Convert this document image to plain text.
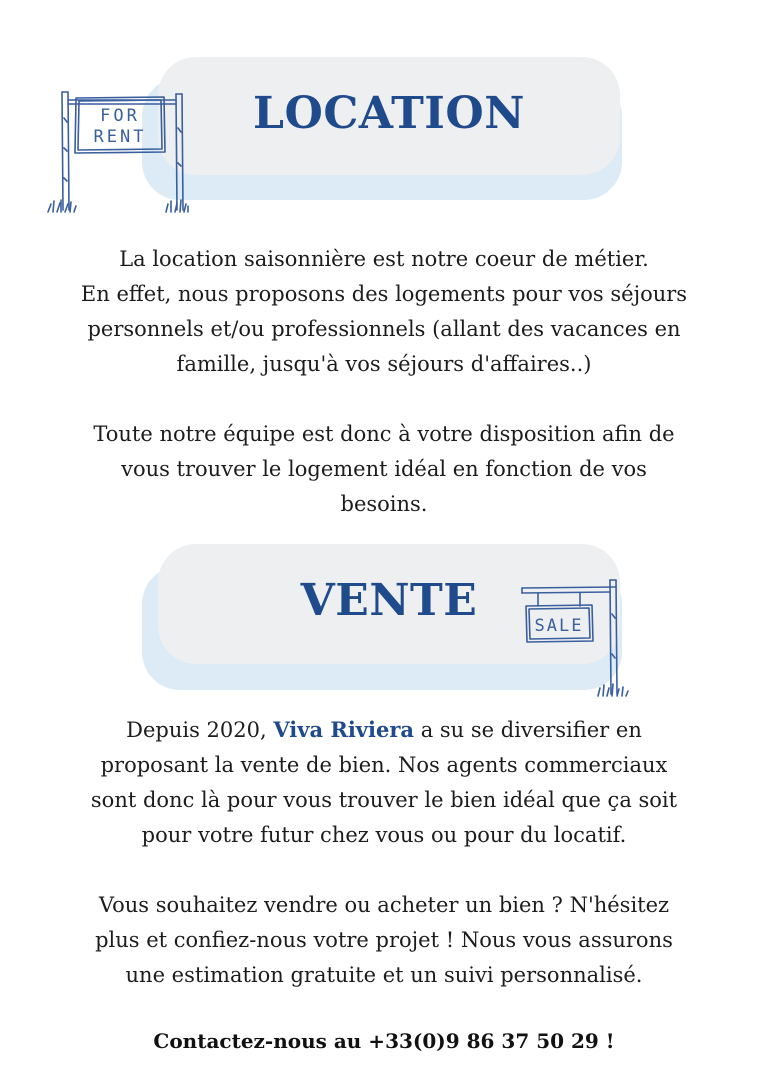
LOCATION
FOR
RENT

La location saisonnière est notre coeur de métier.
En effet, nous proposons des logements pour vos séjours
personnels et/ou professionnels (allant des vacances en
famille, jusqu'à vos séjours d'affaires..)

Toute notre équipe est donc à votre disposition afin de
vous trouver le logement idéal en fonction de vos
besoins.

VENTE	SALE

Depuis 2020, Viva Riviera a su se diversifier en
proposant la vente de bien. Nos agents commerciaux
sont donc là pour vous trouver le bien idéal que ça soit
pour votre futur chez vous ou pour du locatif.

Vous souhaitez vendre ou acheter un bien ? N'hésitez
plus et confiez-nous votre projet ! Nous vous assurons
une estimation gratuite et un suivi personnalisé.

Contactez-nous au +33(0)9 86 37 50 29 !
